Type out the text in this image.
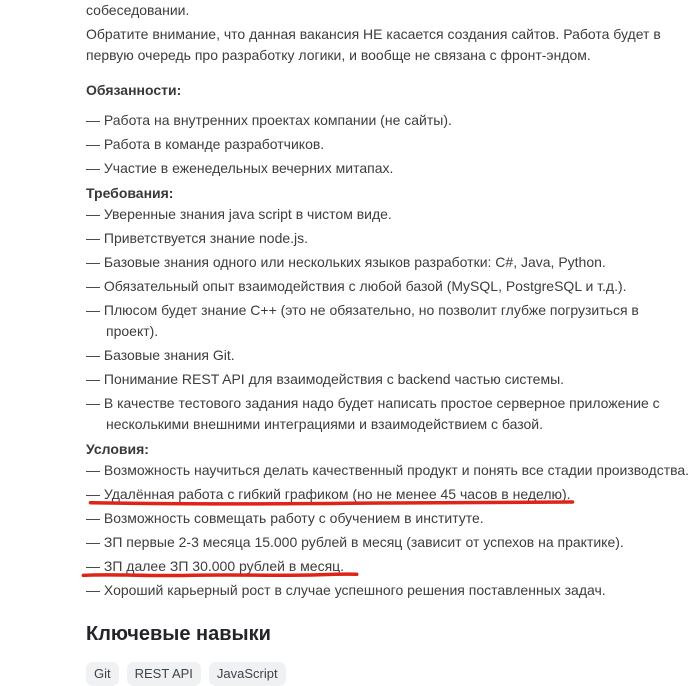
собеседовании.

Обратите внимание, что данная вакансия НЕ касается создания сайтов. Работа будет в первую очередь про разработку логики, и вообще не связана с фронт-эндом.

Обязанности:

— Работа на внутренних проектах компании (не сайты).

— Работа в команде разработчиков.

— Участие в еженедельных вечерних митапах.

Требования:

— Уверенные знания java script в чистом виде.

— Приветствуется знание node.js.

— Базовые знания одного или нескольких языков разработки: C#, Java, Python.

— Обязательный опыт взаимодействия с любой базой (MySQL, PostgreSQL и т.д.).

— Плюсом будет знание C++ (это не обязательно, но позволит глубже погрузиться в проект).

— Базовые знания Git.

— Понимание REST API для взаимодействия с backend частью системы.

— В качестве тестового задания надо будет написать простое серверное приложение с несколькими внешними интеграциями и взаимодействием с базой.

Условия:

— Возможность научиться делать качественный продукт и понять все стадии производства.

— Удалённая работа с гибкий графиком (но не менее 45 часов в неделю).

— Возможность совмещать работу с обучением в институте.

— ЗП первые 2-3 месяца 15.000 рублей в месяц (зависит от успехов на практике).

— ЗП далее ЗП 30.000 рублей в месяц.

— Хороший карьерный рост в случае успешного решения поставленных задач.

Ключевые навыки
Git	REST API	JavaScript
